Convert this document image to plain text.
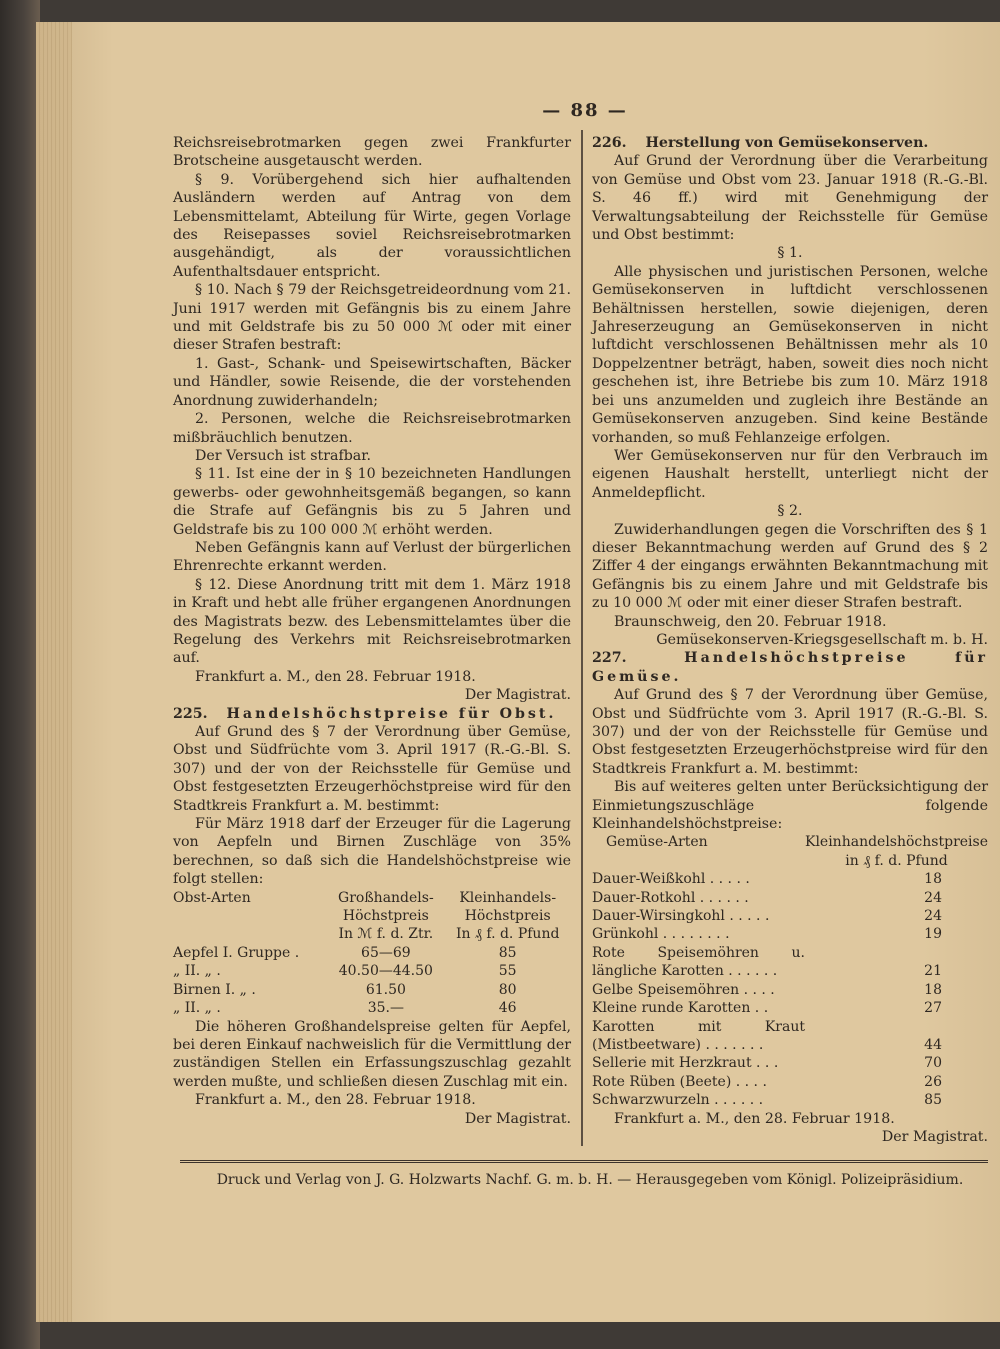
— 88 —

Reichsreisebrotmarken gegen zwei Frankfurter Brotscheine ausgetauscht werden.

§ 9. Vorübergehend sich hier aufhaltenden Ausländern werden auf Antrag von dem Lebensmittelamt, Abteilung für Wirte, gegen Vorlage des Reisepasses soviel Reichsreisebrotmarken ausgehändigt, als der voraussichtlichen Aufenthaltsdauer entspricht.

§ 10. Nach § 79 der Reichsgetreideordnung vom 21. Juni 1917 werden mit Gefängnis bis zu einem Jahre und mit Geldstrafe bis zu 50 000 ℳ oder mit einer dieser Strafen bestraft:

1. Gast-, Schank- und Speisewirtschaften, Bäcker und Händler, sowie Reisende, die der vorstehenden Anordnung zuwiderhandeln;

2. Personen, welche die Reichsreisebrotmarken mißbräuchlich benutzen.

Der Versuch ist strafbar.

§ 11. Ist eine der in § 10 bezeichneten Handlungen gewerbs- oder gewohnheitsgemäß begangen, so kann die Strafe auf Gefängnis bis zu 5 Jahren und Geldstrafe bis zu 100 000 ℳ erhöht werden.

Neben Gefängnis kann auf Verlust der bürgerlichen Ehrenrechte erkannt werden.

§ 12. Diese Anordnung tritt mit dem 1. März 1918 in Kraft und hebt alle früher ergangenen Anordnungen des Magistrats bezw. des Lebensmittelamtes über die Regelung des Verkehrs mit Reichsreisebrotmarken auf.

Frankfurt a. M., den 28. Februar 1918.

Der Magistrat.

225. Handelshöchstpreise für Obst.

Auf Grund des § 7 der Verordnung über Gemüse, Obst und Südfrüchte vom 3. April 1917 (R.-G.-Bl. S. 307) und der von der Reichsstelle für Gemüse und Obst festgesetzten Erzeugerhöchstpreise wird für den Stadtkreis Frankfurt a. M. bestimmt:

Für März 1918 darf der Erzeuger für die Lagerung von Aepfeln und Birnen Zuschläge von 35% berechnen, so daß sich die Handelshöchstpreise wie folgt stellen:

Obst-Arten	Großhandels-	Kleinhandels-
	Höchstpreis	Höchstpreis
	In ℳ f. d. Ztr.	In ₰ f. d. Pfund
Aepfel I. Gruppe .	65—69	85
„ II. „ .	40.50—44.50	55
Birnen I. „ .	61.50	80
„ II. „ .	35.—	46

Die höheren Großhandelspreise gelten für Aepfel, bei deren Einkauf nachweislich für die Vermittlung der zuständigen Stellen ein Erfassungszuschlag gezahlt werden mußte, und schließen diesen Zuschlag mit ein.

Frankfurt a. M., den 28. Februar 1918.

Der Magistrat.

226. Herstellung von Gemüsekonserven.

Auf Grund der Verordnung über die Verarbeitung von Gemüse und Obst vom 23. Januar 1918 (R.-G.-Bl. S. 46 ff.) wird mit Genehmigung der Verwaltungsabteilung der Reichsstelle für Gemüse und Obst bestimmt:

§ 1.

Alle physischen und juristischen Personen, welche Gemüsekonserven in luftdicht verschlossenen Behältnissen herstellen, sowie diejenigen, deren Jahreserzeugung an Gemüsekonserven in nicht luftdicht verschlossenen Behältnissen mehr als 10 Doppelzentner beträgt, haben, soweit dies noch nicht geschehen ist, ihre Betriebe bis zum 10. März 1918 bei uns anzumelden und zugleich ihre Bestände an Gemüsekonserven anzugeben. Sind keine Bestände vorhanden, so muß Fehlanzeige erfolgen.

Wer Gemüsekonserven nur für den Verbrauch im eigenen Haushalt herstellt, unterliegt nicht der Anmeldepflicht.

§ 2.

Zuwiderhandlungen gegen die Vorschriften des § 1 dieser Bekanntmachung werden auf Grund des § 2 Ziffer 4 der eingangs erwähnten Bekanntmachung mit Gefängnis bis zu einem Jahre und mit Geldstrafe bis zu 10 000 ℳ oder mit einer dieser Strafen bestraft.

Braunschweig, den 20. Februar 1918.

Gemüsekonserven-Kriegsgesellschaft m. b. H.

227.	Handelshöchstpreise für Gemüse.

Auf Grund des § 7 der Verordnung über Gemüse, Obst und Südfrüchte vom 3. April 1917 (R.-G.-Bl. S. 307) und der von der Reichsstelle für Gemüse und Obst festgesetzten Erzeugerhöchstpreise wird für den Stadtkreis Frankfurt a. M. bestimmt:

Bis auf weiteres gelten unter Berücksichtigung der Einmietungszuschläge folgende Kleinhandelshöchstpreise:

Gemüse-Arten	Kleinhandelshöchstpreise
	in ₰ f. d. Pfund
Dauer-Weißkohl . . . . .	18
Dauer-Rotkohl . . . . . .	24
Dauer-Wirsingkohl . . . . .	24
Grünkohl . . . . . . . .	19
Rote Speisemöhren u. längliche Karotten . . . . . .	21
Gelbe Speisemöhren . . . .	18
Kleine runde Karotten . .	27
Karotten mit Kraut (Mistbeetware) . . . . . . .	44
Sellerie mit Herzkraut . . .	70
Rote Rüben (Beete) . . . .	26
Schwarzwurzeln . . . . . .	85

Frankfurt a. M., den 28. Februar 1918.

Der Magistrat.

Druck und Verlag von J. G. Holzwarts Nachf. G. m. b. H. — Herausgegeben vom Königl. Polizeipräsidium.
